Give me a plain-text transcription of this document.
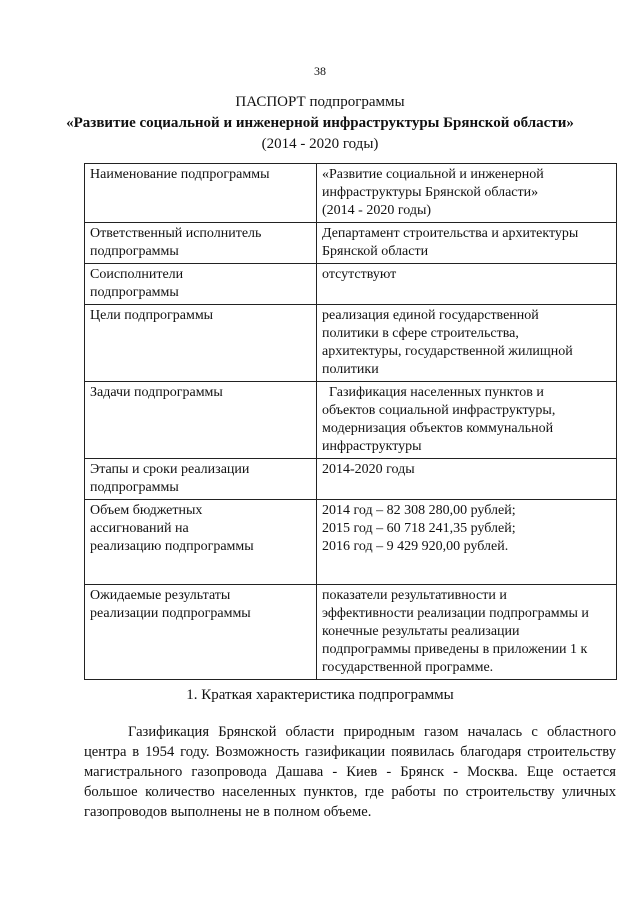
38
ПАСПОРТ подпрограммы
«Развитие социальной и инженерной инфраструктуры Брянской области»
(2014 - 2020 годы)
Наименование подпрограммы	«Развитие социальной и инженерной
инфраструктуры Брянской области»
(2014 - 2020 годы)

Ответственный исполнитель
подпрограммы	Департамент строительства и архитектуры
Брянской области

Соисполнители
подпрограммы	отсутствуют

Цели подпрограммы	реализация единой государственной
политики в сфере строительства,
архитектуры, государственной жилищной
политики

Задачи подпрограммы	Газификация населенных пунктов и
объектов социальной инфраструктуры,
модернизация объектов коммунальной
инфраструктуры

Этапы и сроки реализации
подпрограммы	2014-2020 годы

Объем бюджетных
ассигнований на
реализацию подпрограммы	2014 год – 82 308 280,00 рублей;
2015 год – 60 718 241,35 рублей;
2016 год – 9 429 920,00 рублей.

Ожидаемые результаты
реализации подпрограммы	показатели результативности и
эффективности реализации подпрограммы и
конечные результаты реализации
подпрограммы приведены в приложении 1 к
государственной программе.
1. Краткая характеристика подпрограммы
Газификация Брянской области природным газом началась с областного центра в 1954 году. Возможность газификации появилась благодаря строительству магистрального газопровода Дашава - Киев - Брянск - Москва. Еще остается большое количество населенных пунктов, где работы по строительству уличных газопроводов выполнены не в полном объеме.
